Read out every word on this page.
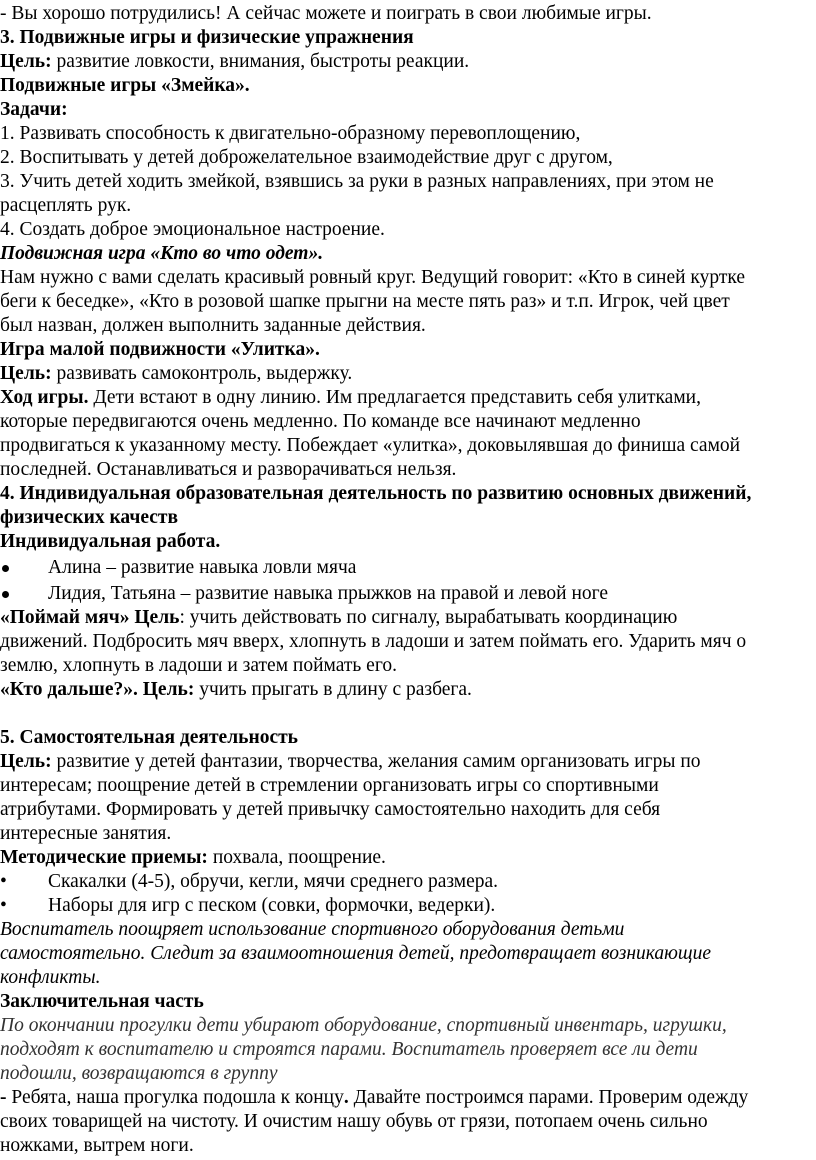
- Вы хорошо потрудились! А сейчас можете и поиграть в свои любимые игры.
3. Подвижные игры и физические упражнения
Цель: развитие ловкости, внимания, быстроты реакции.
Подвижные игры «Змейка».
Задачи:
1. Развивать способность к двигательно-образному перевоплощению,
2. Воспитывать у детей доброжелательное взаимодействие друг с другом,
3. Учить детей ходить змейкой, взявшись за руки в разных направлениях, при этом не
расцеплять рук.
4. Создать доброе эмоциональное настроение.
Подвижная игра «Кто во что одет».
Нам нужно с вами сделать красивый ровный круг. Ведущий говорит: «Кто в синей куртке
беги к беседке», «Кто в розовой шапке прыгни на месте пять раз» и т.п. Игрок, чей цвет
был назван, должен выполнить заданные действия.
Игра малой подвижности «Улитка».
Цель: развивать самоконтроль, выдержку.
Ход игры. Дети встают в одну линию. Им предлагается представить себя улитками,
которые передвигаются очень медленно. По команде все начинают медленно
продвигаться к указанному месту. Побеждает «улитка», доковылявшая до финиша самой
последней. Останавливаться и разворачиваться нельзя.
4. Индивидуальная образовательная деятельность по развитию основных движений,
физических качеств
Индивидуальная работа.
Алина – развитие навыка ловли мяча
Лидия, Татьяна – развитие навыка прыжков на правой и левой ноге
«Поймай мяч» Цель: учить действовать по сигналу, вырабатывать координацию
движений. Подбросить мяч вверх, хлопнуть в ладоши и затем поймать его. Ударить мяч о
землю, хлопнуть в ладоши и затем поймать его.
«Кто дальше?». Цель: учить прыгать в длину с разбега.
5. Самостоятельная деятельность
Цель: развитие у детей фантазии, творчества, желания самим организовать игры по
интересам; поощрение детей в стремлении организовать игры со спортивными
атрибутами. Формировать у детей привычку самостоятельно находить для себя
интересные занятия.
Методические приемы: похвала, поощрение.
• Скакалки (4-5), обручи, кегли, мячи среднего размера.
• Наборы для игр с песком (совки, формочки, ведерки).
Воспитатель поощряет использование спортивного оборудования детьми
самостоятельно. Следит за взаимоотношения детей, предотвращает возникающие
конфликты.
Заключительная часть
По окончании прогулки дети убирают оборудование, спортивный инвентарь, игрушки,
подходят к воспитателю и строятся парами. Воспитатель проверяет все ли дети
подошли, возвращаются в группу
- Ребята, наша прогулка подошла к концу. Давайте построимся парами. Проверим одежду
своих товарищей на чистоту. И очистим нашу обувь от грязи, потопаем очень сильно
ножками, вытрем ноги.
